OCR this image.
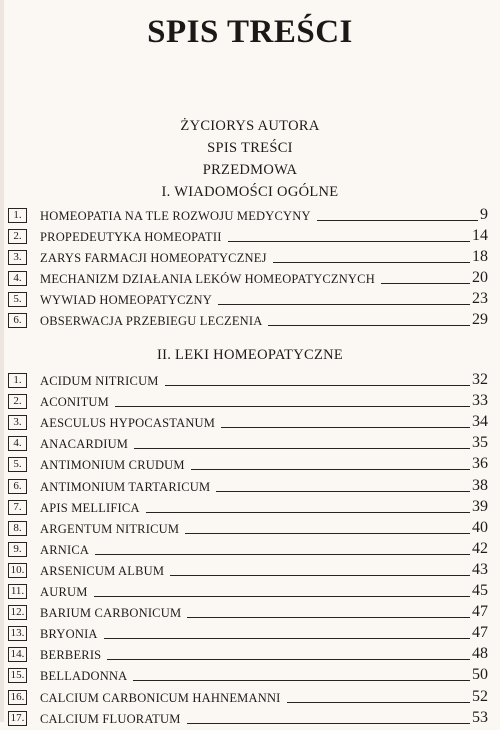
SPIS TREŚCI
ŻYCIORYS AUTORA
SPIS TREŚCI
PRZEDMOWA
I. WIADOMOŚCI OGÓLNE
1.	HOMEOPATIA NA TLE ROZWOJU MEDYCYNY	9
2.	PROPEDEUTYKA HOMEOPATII	14
3.	ZARYS FARMACJI HOMEOPATYCZNEJ	18
4.	MECHANIZM DZIAŁANIA LEKÓW HOMEOPATYCZNYCH	20
5.	WYWIAD HOMEOPATYCZNY	23
6.	OBSERWACJA PRZEBIEGU LECZENIA	29
II. LEKI HOMEOPATYCZNE
1.	ACIDUM NITRICUM	32
2.	ACONITUM	33
3.	AESCULUS HYPOCASTANUM	34
4.	ANACARDIUM	35
5.	ANTIMONIUM CRUDUM	36
6.	ANTIMONIUM TARTARICUM	38
7.	APIS MELLIFICA	39
8.	ARGENTUM NITRICUM	40
9.	ARNICA	42
10. ARSENICUM ALBUM	43
11. AURUM	45
12. BARIUM CARBONICUM	47
13. BRYONIA	47
14. BERBERIS	48
15. BELLADONNA	50
16. CALCIUM CARBONICUM HAHNEMANNI	52
17. CALCIUM FLUORATUM	53
